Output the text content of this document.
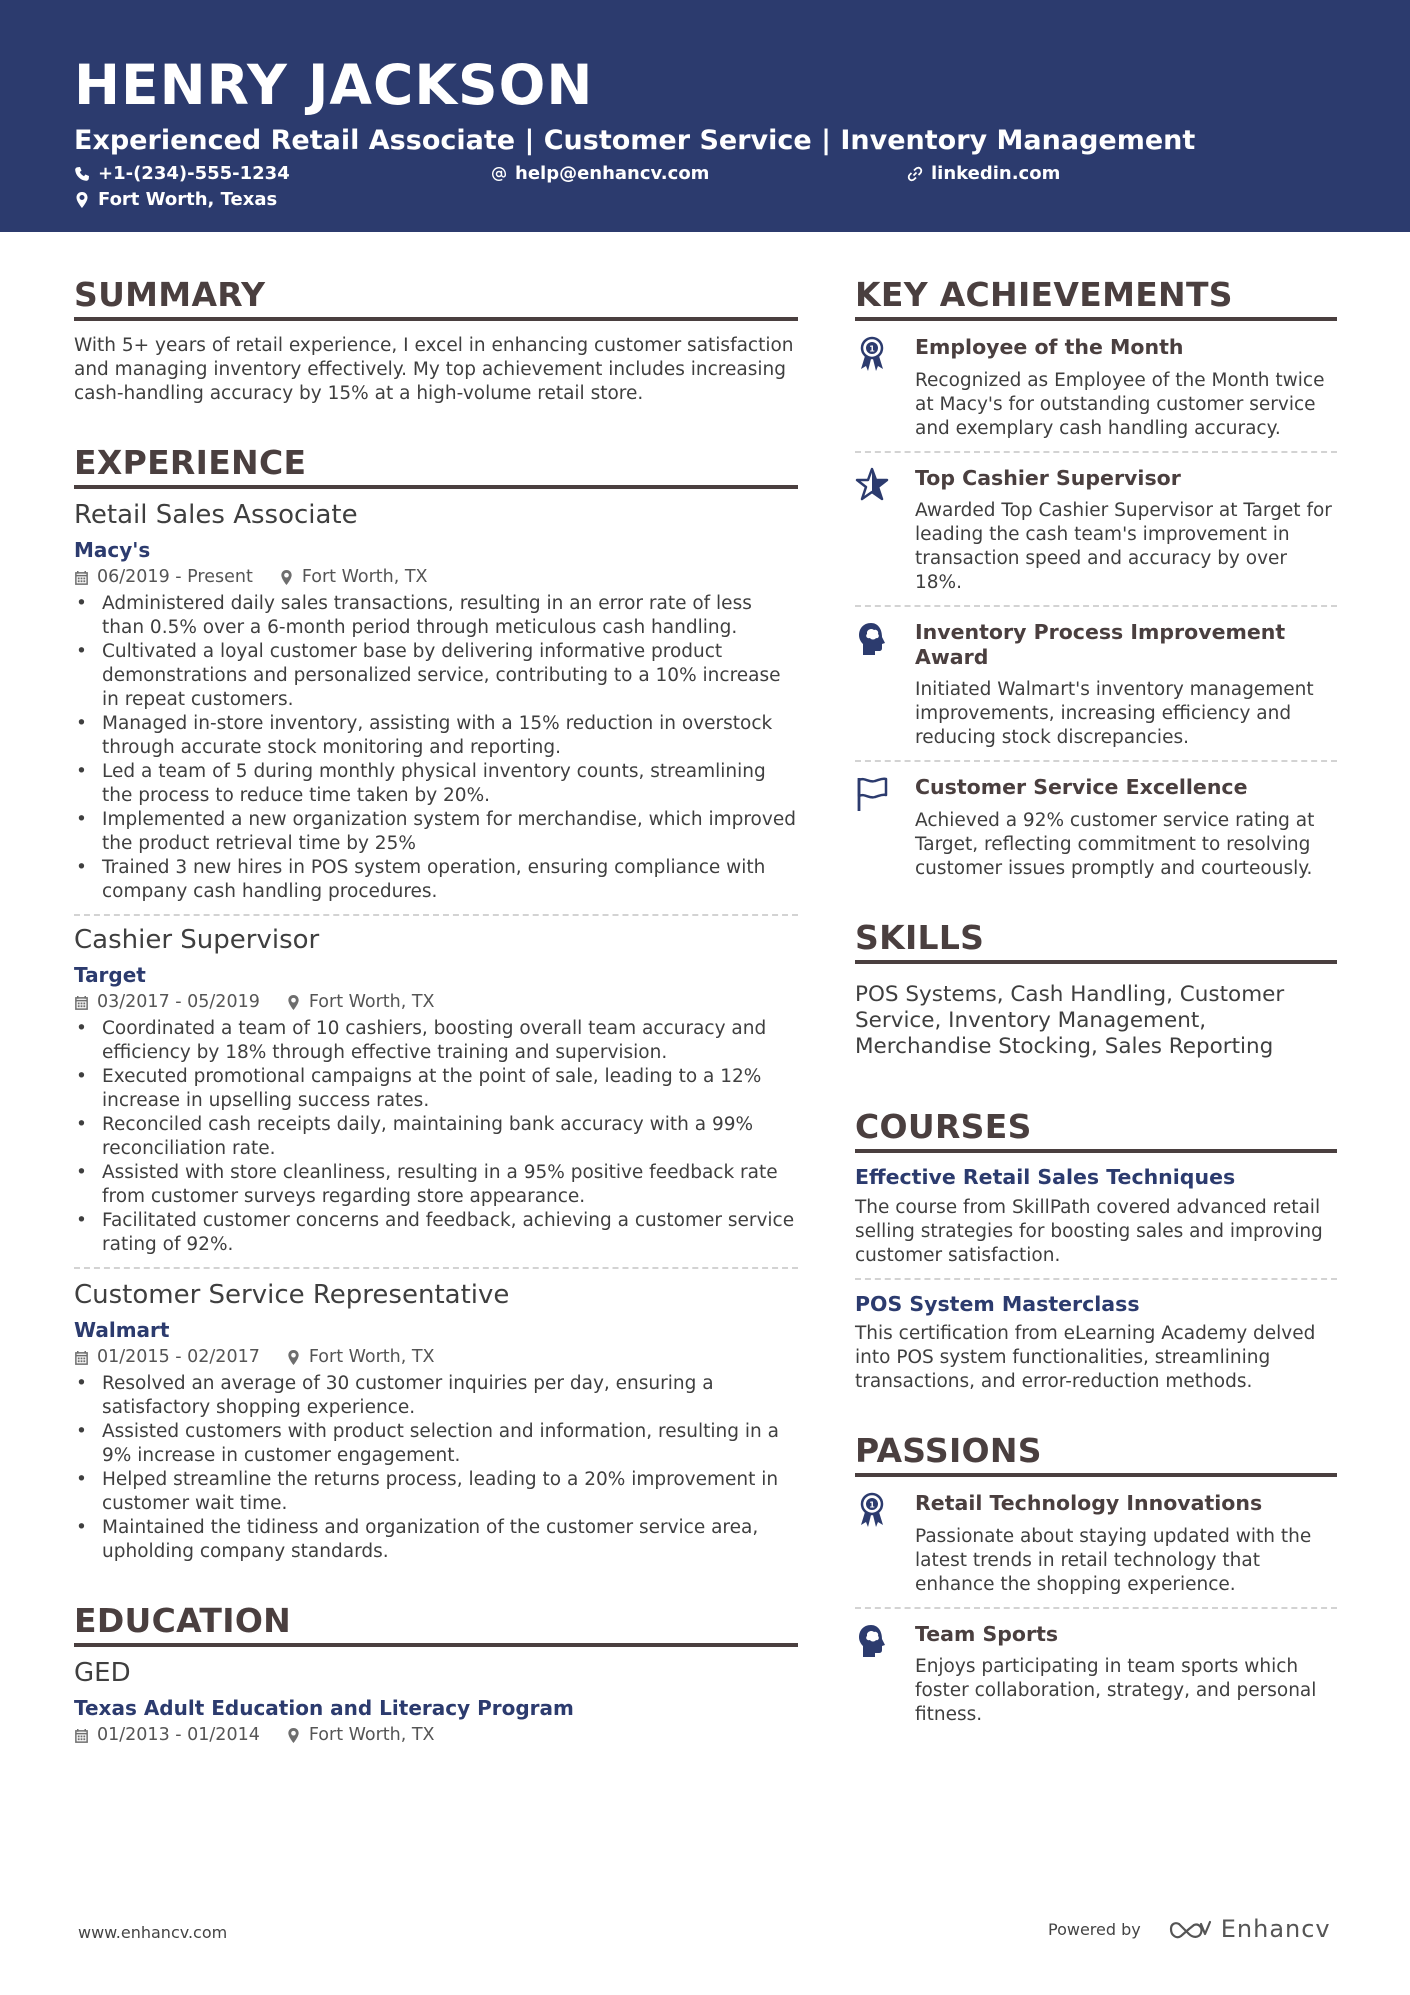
HENRY JACKSON
Experienced Retail Associate | Customer Service | Inventory Management
+1-(234)-555-1234	help@enhancv.com	linkedin.com
Fort Worth, Texas
SUMMARY
With 5+ years of retail experience, I excel in enhancing customer satisfaction and managing inventory effectively. My top achievement includes increasing cash-handling accuracy by 15% at a high-volume retail store.
EXPERIENCE
Retail Sales Associate
Macy's
06/2019 - Present	Fort Worth, TX
• Administered daily sales transactions, resulting in an error rate of less than 0.5% over a 6-month period through meticulous cash handling.
• Cultivated a loyal customer base by delivering informative product demonstrations and personalized service, contributing to a 10% increase in repeat customers.
• Managed in-store inventory, assisting with a 15% reduction in overstock through accurate stock monitoring and reporting.
• Led a team of 5 during monthly physical inventory counts, streamlining the process to reduce time taken by 20%.
• Implemented a new organization system for merchandise, which improved the product retrieval time by 25%
• Trained 3 new hires in POS system operation, ensuring compliance with company cash handling procedures.
Cashier Supervisor
Target
03/2017 - 05/2019	Fort Worth, TX
• Coordinated a team of 10 cashiers, boosting overall team accuracy and efficiency by 18% through effective training and supervision.
• Executed promotional campaigns at the point of sale, leading to a 12% increase in upselling success rates.
• Reconciled cash receipts daily, maintaining bank accuracy with a 99% reconciliation rate.
• Assisted with store cleanliness, resulting in a 95% positive feedback rate from customer surveys regarding store appearance.
• Facilitated customer concerns and feedback, achieving a customer service rating of 92%.
Customer Service Representative
Walmart
01/2015 - 02/2017	Fort Worth, TX
• Resolved an average of 30 customer inquiries per day, ensuring a satisfactory shopping experience.
• Assisted customers with product selection and information, resulting in a 9% increase in customer engagement.
• Helped streamline the returns process, leading to a 20% improvement in customer wait time.
• Maintained the tidiness and organization of the customer service area, upholding company standards.
EDUCATION
GED
Texas Adult Education and Literacy Program
01/2013 - 01/2014	Fort Worth, TX
KEY ACHIEVEMENTS
Employee of the Month
Recognized as Employee of the Month twice at Macy's for outstanding customer service and exemplary cash handling accuracy.
Top Cashier Supervisor
Awarded Top Cashier Supervisor at Target for leading the cash team's improvement in transaction speed and accuracy by over 18%.
Inventory Process Improvement Award
Initiated Walmart's inventory management improvements, increasing efficiency and reducing stock discrepancies.
Customer Service Excellence
Achieved a 92% customer service rating at Target, reflecting commitment to resolving customer issues promptly and courteously.
SKILLS
POS Systems, Cash Handling, Customer Service, Inventory Management, Merchandise Stocking, Sales Reporting
COURSES
Effective Retail Sales Techniques
The course from SkillPath covered advanced retail selling strategies for boosting sales and improving customer satisfaction.
POS System Masterclass
This certification from eLearning Academy delved into POS system functionalities, streamlining transactions, and error-reduction methods.
PASSIONS
Retail Technology Innovations
Passionate about staying updated with the latest trends in retail technology that enhance the shopping experience.
Team Sports
Enjoys participating in team sports which foster collaboration, strategy, and personal fitness.
www.enhancv.com	Powered by	Enhancv
